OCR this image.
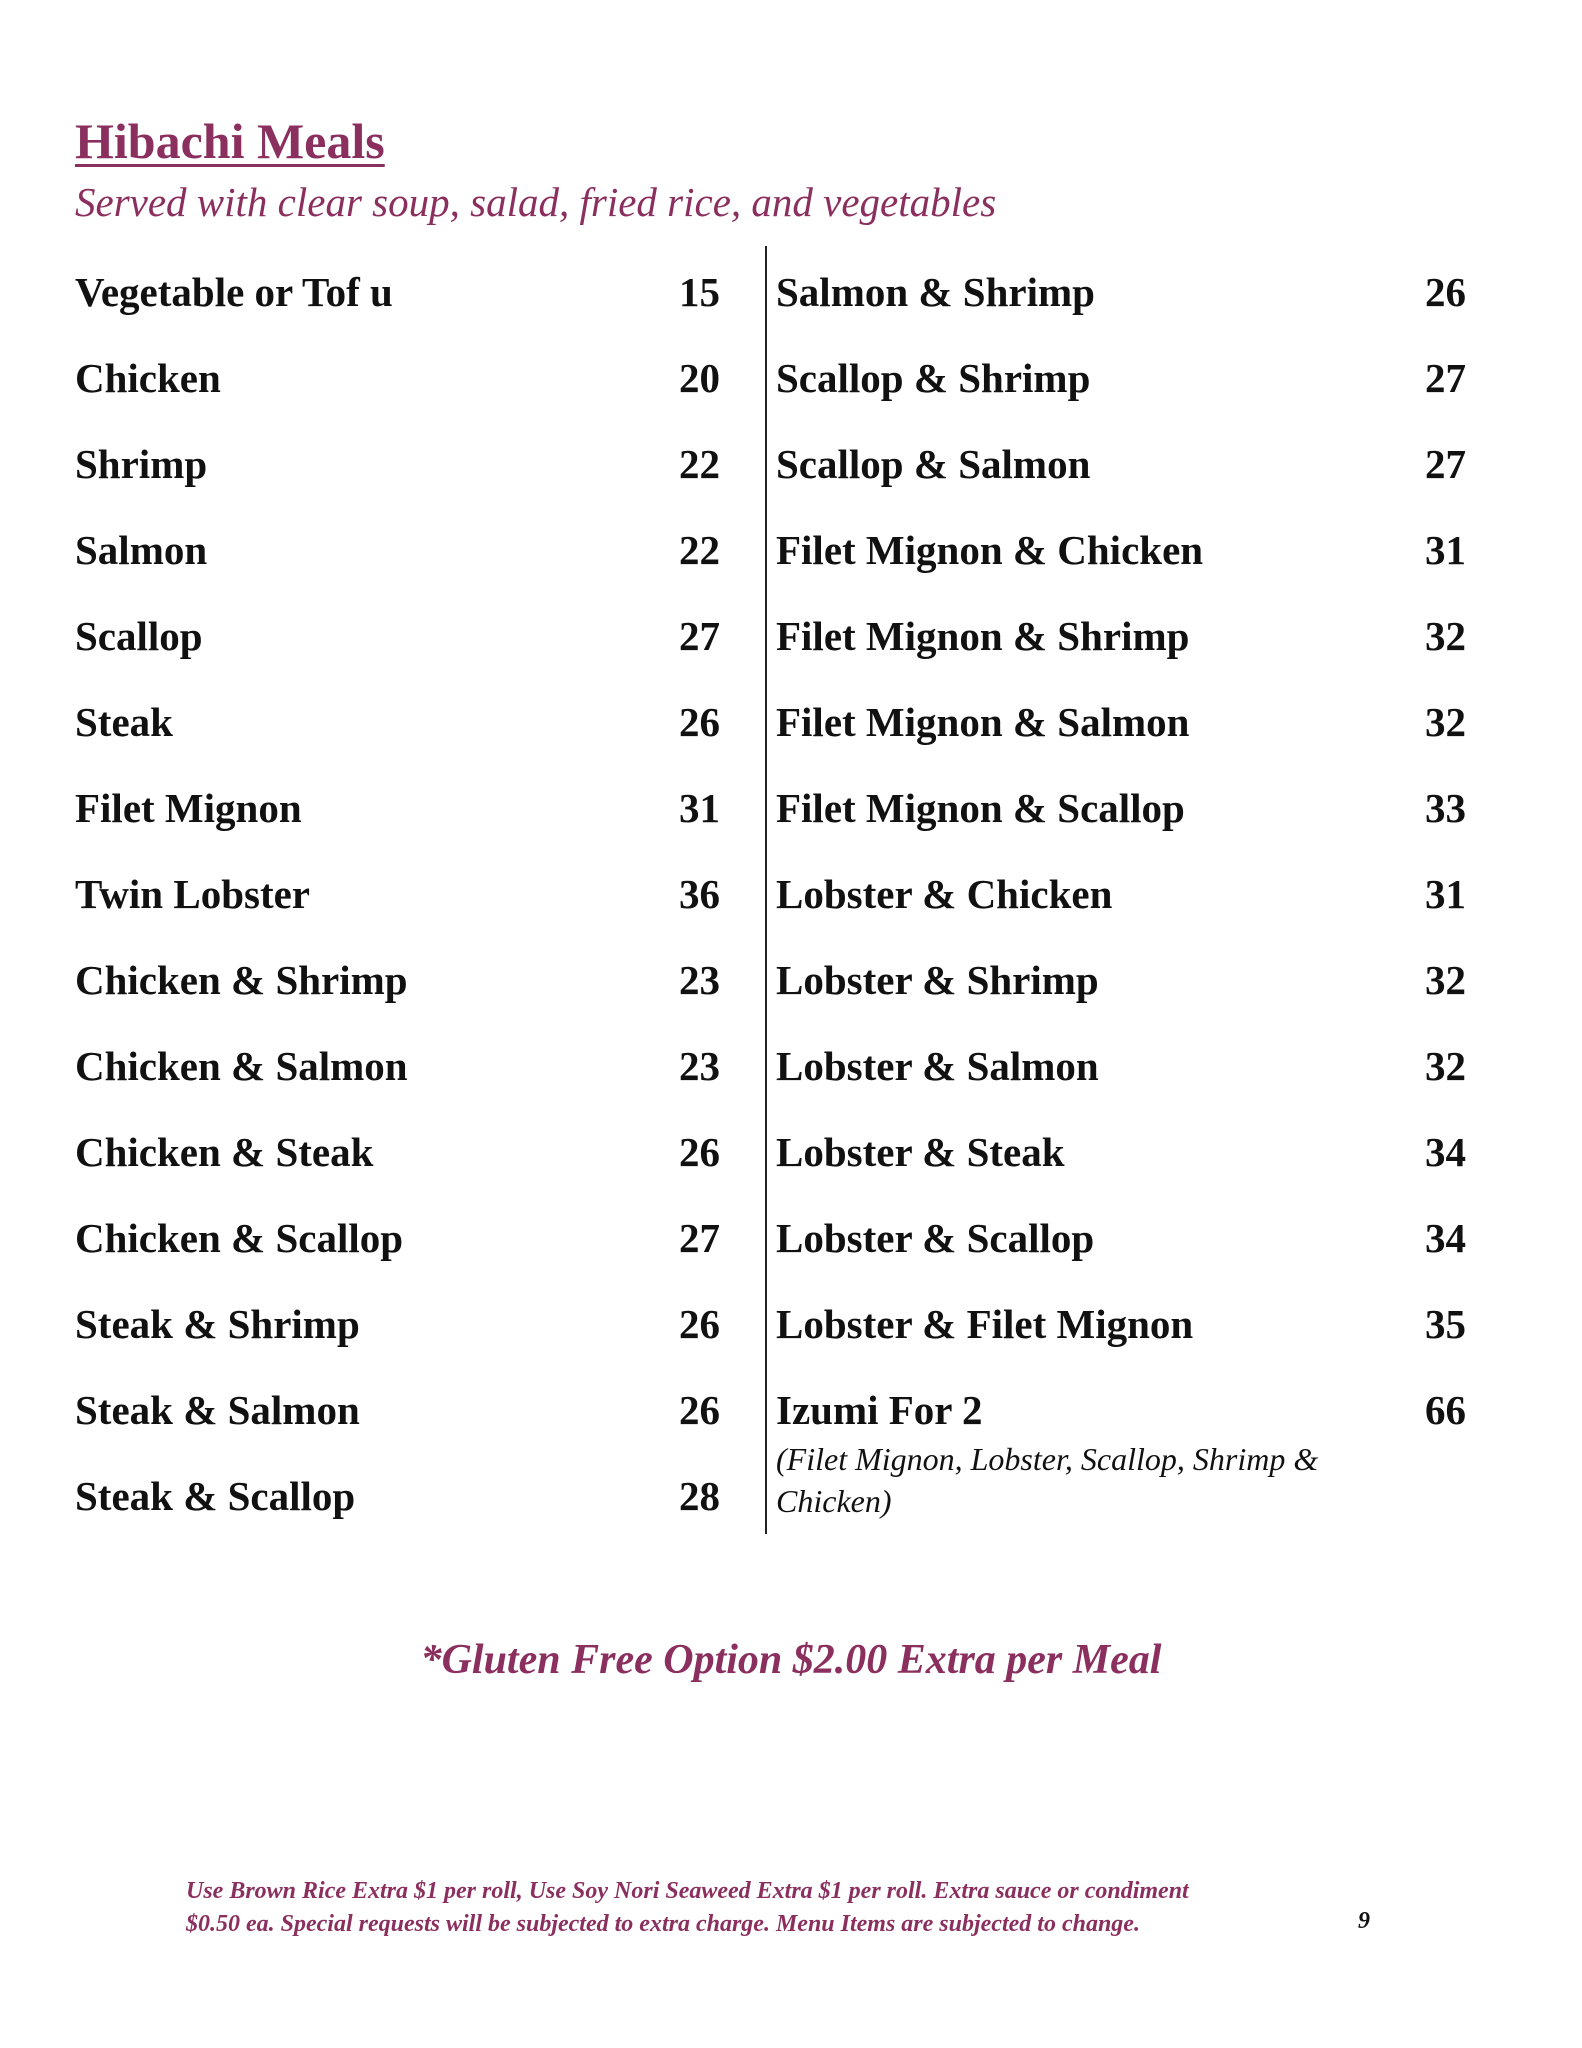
Hibachi Meals

Served with clear soup, salad, fried rice, and vegetables

Vegetable or Tof u	15
Chicken	20
Shrimp	22
Salmon	22
Scallop	27
Steak	26
Filet Mignon	31
Twin Lobster	36
Chicken & Shrimp	23
Chicken & Salmon	23
Chicken & Steak	26
Chicken & Scallop	27
Steak & Shrimp	26
Steak & Salmon	26
Steak & Scallop	28
Salmon & Shrimp	26
Scallop & Shrimp	27
Scallop & Salmon	27
Filet Mignon & Chicken	31
Filet Mignon & Shrimp	32
Filet Mignon & Salmon	32
Filet Mignon & Scallop	33
Lobster & Chicken	31
Lobster & Shrimp	32
Lobster & Salmon	32
Lobster & Steak	34
Lobster & Scallop	34
Lobster & Filet Mignon	35
Izumi For 2	66
(Filet Mignon, Lobster, Scallop, Shrimp & Chicken)

*Gluten Free Option $2.00 Extra per Meal

Use Brown Rice Extra $1 per roll, Use Soy Nori Seaweed Extra $1 per roll. Extra sauce or condiment
$0.50 ea. Special requests will be subjected to extra charge. Menu Items are subjected to change.	9
